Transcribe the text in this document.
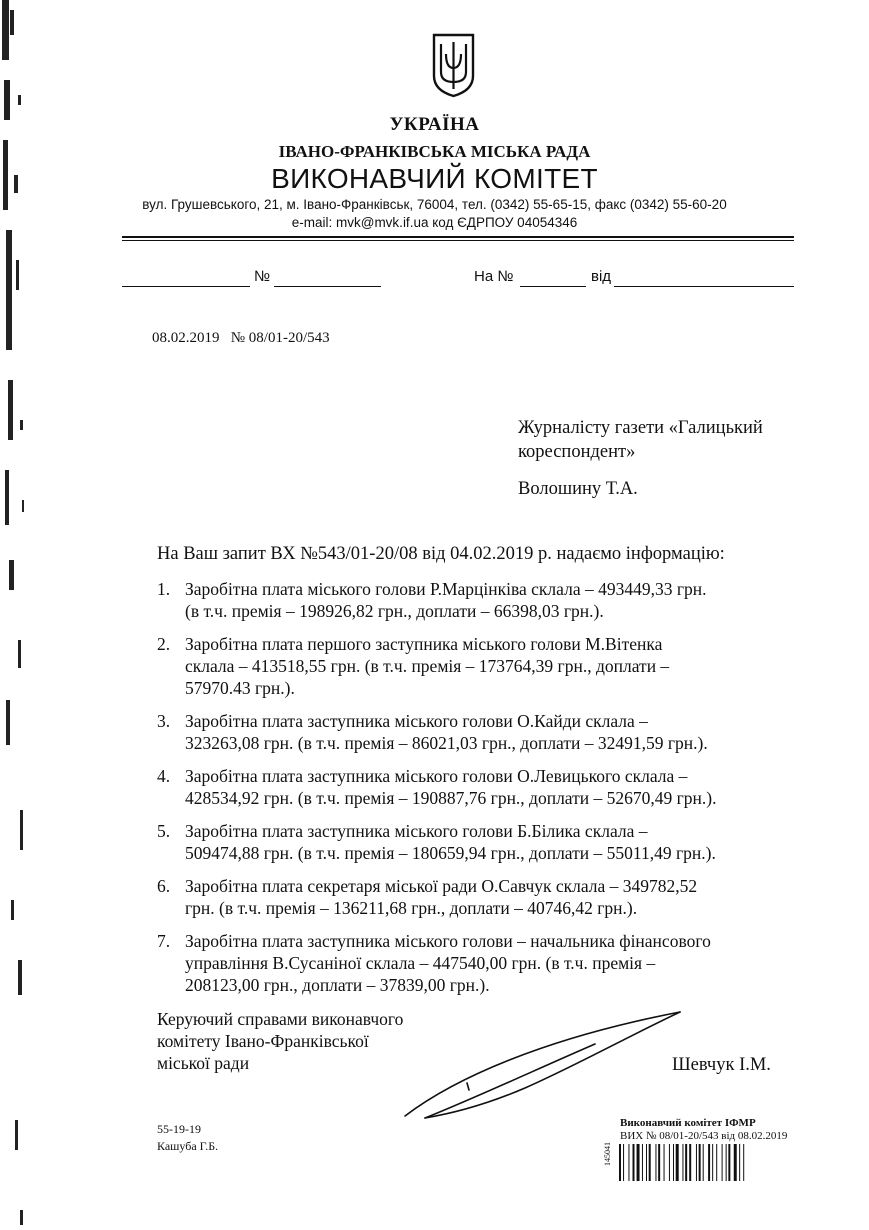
УКРАЇНА
ІВАНО-ФРАНКІВСЬКА МІСЬКА РАДА
ВИКОНАВЧИЙ КОМІТЕТ
вул. Грушевського, 21, м. Івано-Франківськ, 76004, тел. (0342) 55-65-15, факс (0342) 55-60-20
e-mail: mvk@mvk.if.ua код ЄДРПОУ 04054346
№	На №	від
08.02.2019   № 08/01-20/543
Журналісту газети «Галицький
кореспондент»
Волошину Т.А.
На Ваш запит ВХ №543/01-20/08 від 04.02.2019 р. надаємо інформацію:
1. Заробітна плата міського голови Р.Марцінківа склала – 493449,33 грн.
(в т.ч. премія – 198926,82 грн., доплати – 66398,03 грн.).
2. Заробітна плата першого заступника міського голови М.Вітенка
склала – 413518,55 грн. (в т.ч. премія – 173764,39 грн., доплати –
57970.43 грн.).
3. Заробітна плата заступника міського голови О.Кайди склала –
323263,08 грн. (в т.ч. премія – 86021,03 грн., доплати – 32491,59 грн.).
4. Заробітна плата заступника міського голови О.Левицького склала –
428534,92 грн. (в т.ч. премія – 190887,76 грн., доплати – 52670,49 грн.).
5. Заробітна плата заступника міського голови Б.Білика склала –
509474,88 грн. (в т.ч. премія – 180659,94 грн., доплати – 55011,49 грн.).
6. Заробітна плата секретаря міської ради О.Савчук склала – 349782,52
грн. (в т.ч. премія – 136211,68 грн., доплати – 40746,42 грн.).
7. Заробітна плата заступника міського голови – начальника фінансового
управління В.Сусаніної склала – 447540,00 грн. (в т.ч. премія –
208123,00 грн., доплати – 37839,00 грн.).
Керуючий справами виконавчого
комітету Івано-Франківської
міської ради	Шевчук І.М.
55-19-19
Кашуба Г.Б.
Виконавчий комітет ІФМР
ВИХ № 08/01-20/543 від 08.02.2019
145041
